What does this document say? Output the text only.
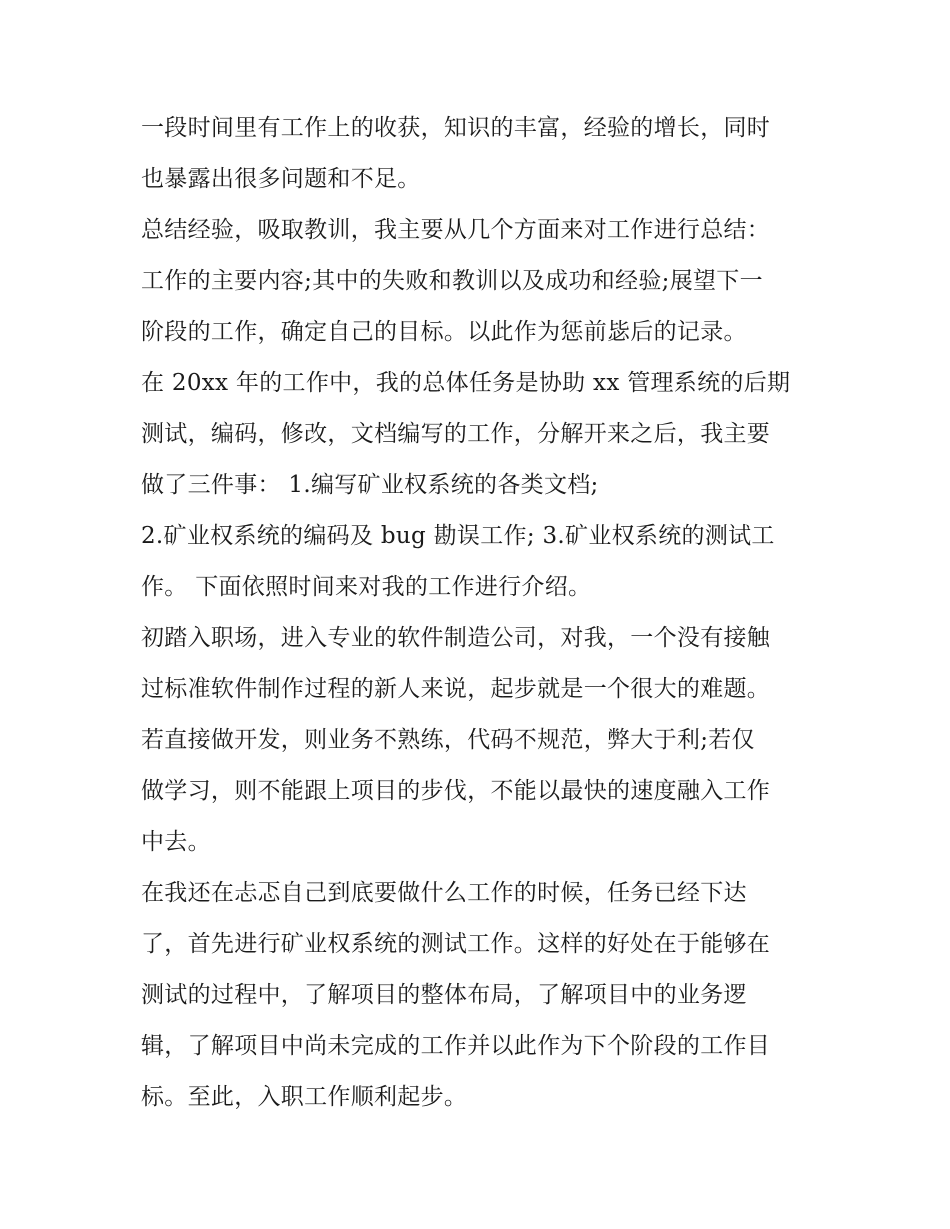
一段时间里有工作上的收获，知识的丰富，经验的增长，同时
也暴露出很多问题和不足。
总结经验，吸取教训，我主要从几个方面来对工作进行总结：
工作的主要内容;其中的失败和教训以及成功和经验;展望下一
阶段的工作，确定自己的目标。以此作为惩前毖后的记录。
在 20xx 年的工作中，我的总体任务是协助 xx 管理系统的后期
测试，编码，修改，文档编写的工作，分解开来之后，我主要
做了三件事： 1.编写矿业权系统的各类文档;
2.矿业权系统的编码及 bug 勘误工作; 3.矿业权系统的测试工
作。 下面依照时间来对我的工作进行介绍。
初踏入职场，进入专业的软件制造公司，对我，一个没有接触
过标准软件制作过程的新人来说，起步就是一个很大的难题。
若直接做开发，则业务不熟练，代码不规范，弊大于利;若仅
做学习，则不能跟上项目的步伐，不能以最快的速度融入工作
中去。
在我还在忐忑自己到底要做什么工作的时候，任务已经下达
了，首先进行矿业权系统的测试工作。这样的好处在于能够在
测试的过程中，了解项目的整体布局，了解项目中的业务逻
辑，了解项目中尚未完成的工作并以此作为下个阶段的工作目
标。至此，入职工作顺利起步。
